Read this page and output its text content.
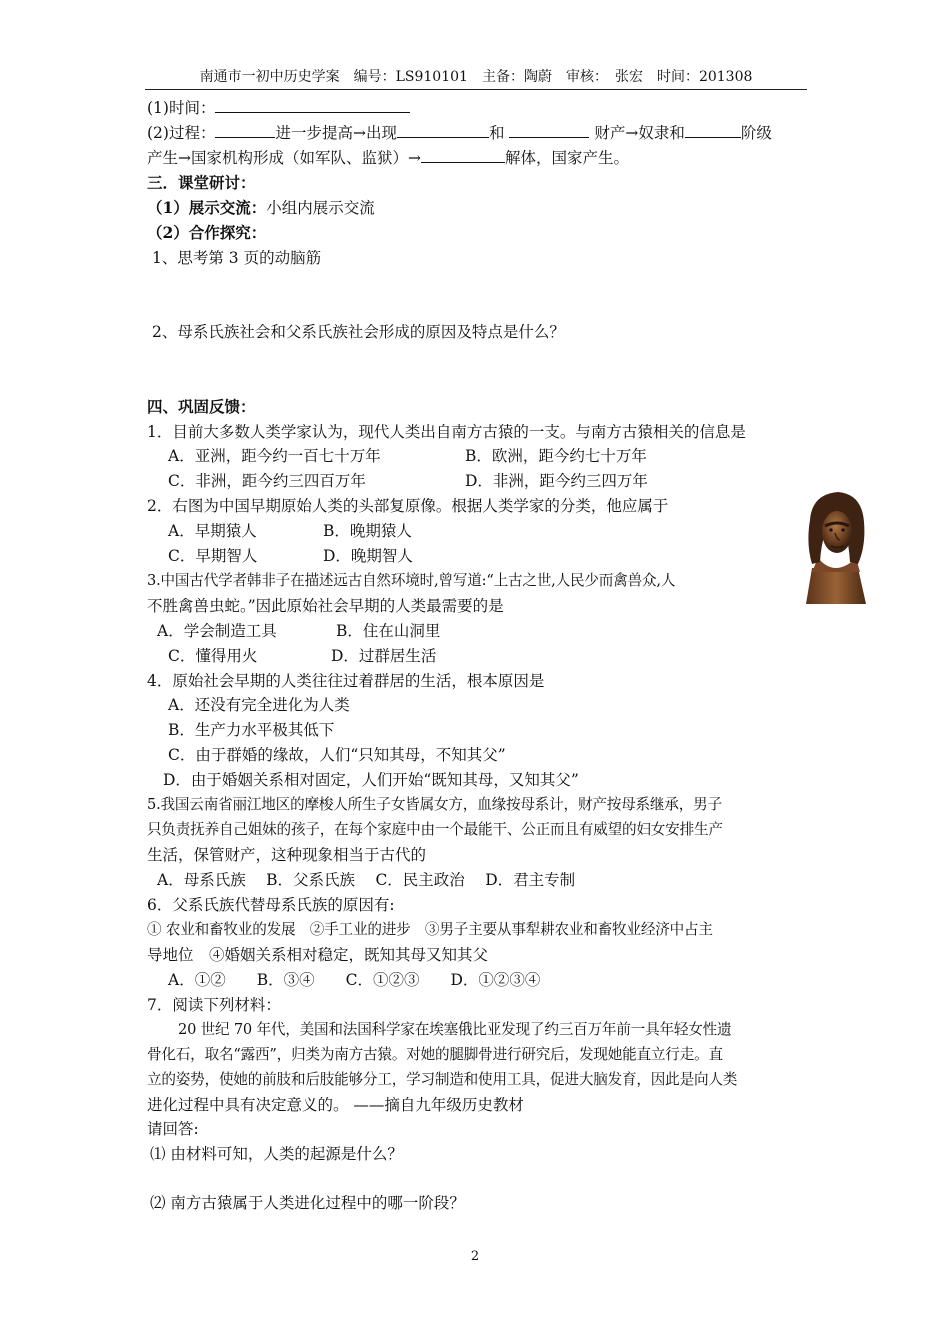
南通市一初中历史学案　编号：LS910101　主备：陶蔚　审核：　张宏　时间：201308
(1)时间：
(2)过程：	进一步提高→出现	和	财产→奴隶和	阶级
产生→国家机构形成（如军队、监狱）→	解体，国家产生。
三．课堂研讨：
（1）展示交流：小组内展示交流
（2）合作探究：
1、思考第 3 页的动脑筋
2、母系氏族社会和父系氏族社会形成的原因及特点是什么？
四、巩固反馈：
1．目前大多数人类学家认为，现代人类出自南方古猿的一支。与南方古猿相关的信息是
A．亚洲，距今约一百七十万年	B．欧洲，距今约七十万年
C．非洲，距今约三四百万年	D．非洲，距今约三四万年
2．右图为中国早期原始人类的头部复原像。根据人类学家的分类，他应属于
A．早期猿人	B．晚期猿人
C．早期智人	D．晚期智人
3.中国古代学者韩非子在描述远古自然环境时,曾写道:“上古之世,人民少而禽兽众,人
不胜禽兽虫蛇。”因此原始社会早期的人类最需要的是
A．学会制造工具	B．住在山洞里
C．懂得用火	D．过群居生活
4．原始社会早期的人类往往过着群居的生活，根本原因是
A．还没有完全进化为人类
B．生产力水平极其低下
C．由于群婚的缘故，人们“只知其母，不知其父”
D．由于婚姻关系相对固定，人们开始“既知其母，又知其父”
5.我国云南省丽江地区的摩梭人所生子女皆属女方，血缘按母系计，财产按母系继承，男子
只负责抚养自己姐妹的孩子，在每个家庭中由一个最能干、公正而且有威望的妇女安排生产
生活，保管财产，这种现象相当于古代的
A．母系氏族　 B．父系氏族　 C．民主政治　 D．君主专制
6．父系氏族代替母系氏族的原因有:
① 农业和畜牧业的发展　②手工业的进步　③男子主要从事犁耕农业和畜牧业经济中占主
导地位　④婚姻关系相对稳定，既知其母又知其父
A．①②　　B．③④　　C．①②③　　D．①②③④
7．阅读下列材料：
20 世纪 70 年代，美国和法国科学家在埃塞俄比亚发现了约三百万年前一具年轻女性遗
骨化石，取名“露西”，归类为南方古猿。对她的腿脚骨进行研究后，发现她能直立行走。直
立的姿势，使她的前肢和后肢能够分工，学习制造和使用工具，促进大脑发育，因此是向人类
进化过程中具有决定意义的。 ——摘自九年级历史教材
请回答:
⑴ 由材料可知，人类的起源是什么？
⑵ 南方古猿属于人类进化过程中的哪一阶段？
2
